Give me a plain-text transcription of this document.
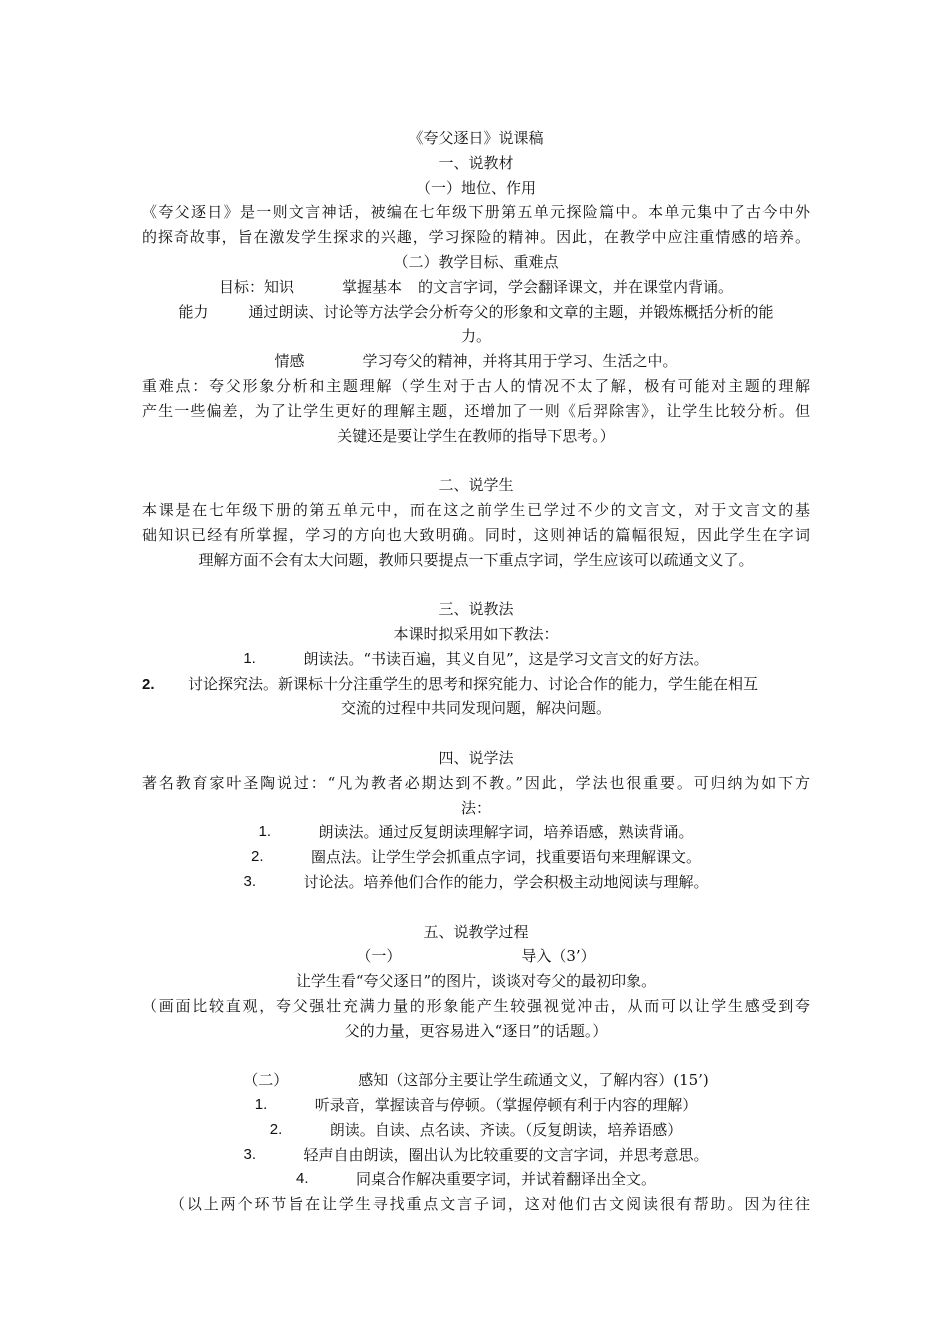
《夸父逐日》说课稿
一、说教材
（一）地位、作用
《夸父逐日》是一则文言神话，被编在七年级下册第五单元探险篇中。本单元集中了古今中外
的探奇故事，旨在激发学生探求的兴趣，学习探险的精神。因此，在教学中应注重情感的培养。
（二）教学目标、重难点
目标：知识	掌握基本 的文言字词，学会翻译课文，并在课堂内背诵。
能力	通过朗读、讨论等方法学会分析夸父的形象和文章的主题，并锻炼概括分析的能
力。
情感	学习夸父的精神，并将其用于学习、生活之中。
重难点：夸父形象分析和主题理解（学生对于古人的情况不太了解，极有可能对主题的理解
产生一些偏差，为了让学生更好的理解主题，还增加了一则《后羿除害》，让学生比较分析。但
关键还是要让学生在教师的指导下思考。）
二、说学生
本课是在七年级下册的第五单元中，而在这之前学生已学过不少的文言文，对于文言文的基
础知识已经有所掌握，学习的方向也大致明确。同时，这则神话的篇幅很短，因此学生在字词
理解方面不会有太大问题，教师只要提点一下重点字词，学生应该可以疏通文义了。
三、说教法
本课时拟采用如下教法：
1.	朗读法。“书读百遍，其义自见”，这是学习文言文的好方法。
2. 讨论探究法。新课标十分注重学生的思考和探究能力、讨论合作的能力，学生能在相互
交流的过程中共同发现问题，解决问题。
四、说学法
著名教育家叶圣陶说过：“凡为教者必期达到不教。”因此，学法也很重要。可归纳为如下方
法：
1.	朗读法。通过反复朗读理解字词，培养语感，熟读背诵。
2.	圈点法。让学生学会抓重点字词，找重要语句来理解课文。
3.	讨论法。培养他们合作的能力，学会积极主动地阅读与理解。
五、说教学过程
（一）	导入（3’）
让学生看“夸父逐日”的图片，谈谈对夸父的最初印象。
（画面比较直观，夸父强壮充满力量的形象能产生较强视觉冲击，从而可以让学生感受到夸
父的力量，更容易进入“逐日”的话题。）
（二）	感知（这部分主要让学生疏通文义，了解内容）(15’)
1.	听录音，掌握读音与停顿。（掌握停顿有利于内容的理解）
2.	朗读。自读、点名读、齐读。（反复朗读，培养语感）
3.	轻声自由朗读，圈出认为比较重要的文言字词，并思考意思。
4.	同桌合作解决重要字词，并试着翻译出全文。
（以上两个环节旨在让学生寻找重点文言子词，这对他们古文阅读很有帮助。因为往往
